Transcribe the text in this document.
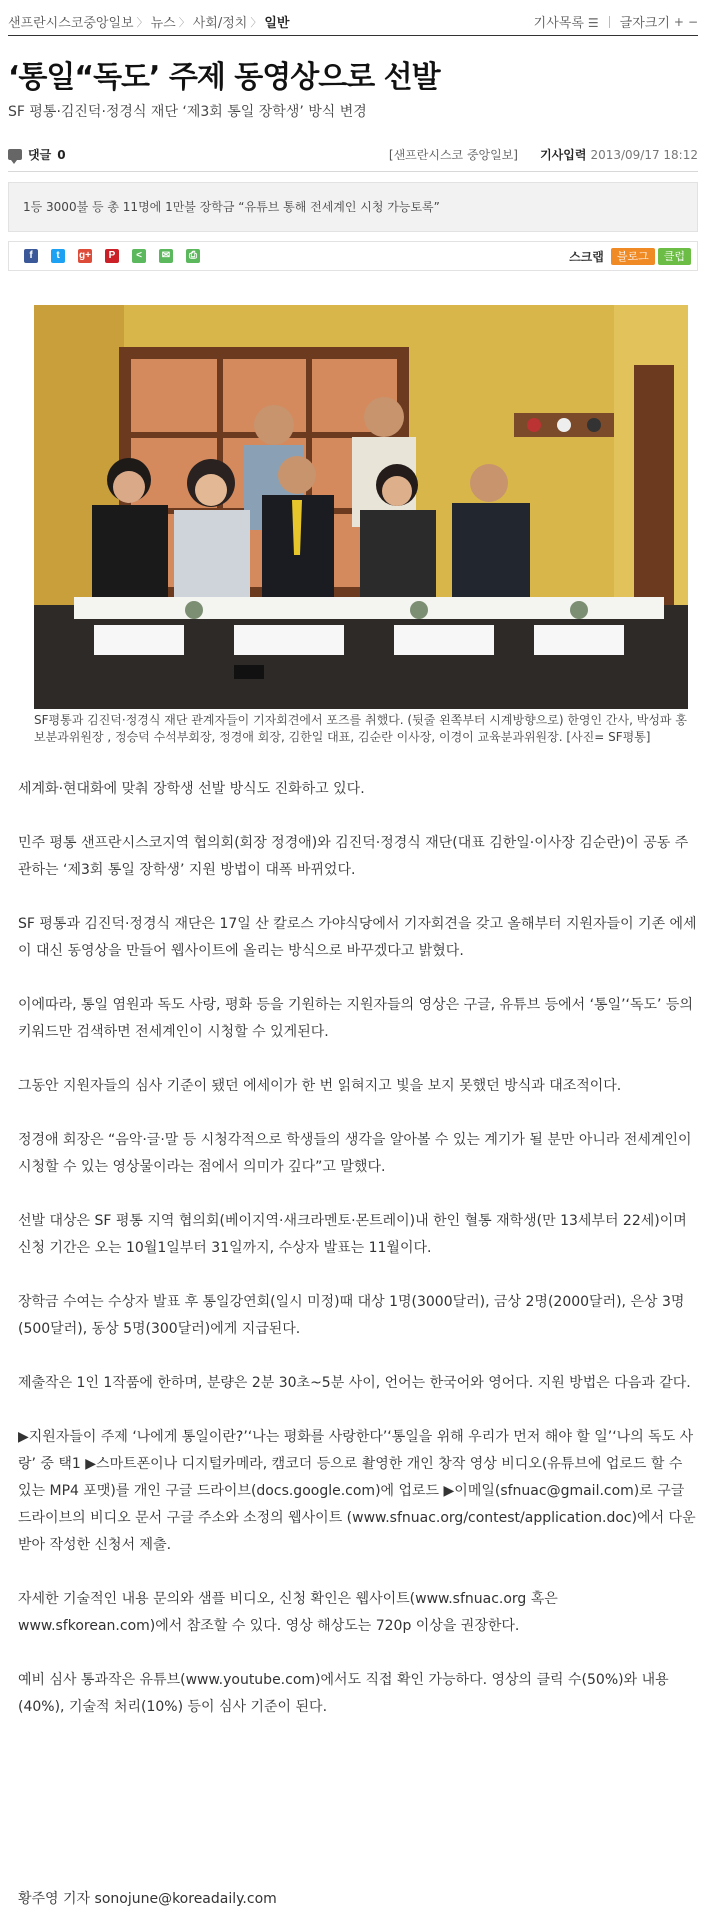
샌프란시스코중앙일보 〉 뉴스 〉 사회/정치 〉 일반	기사목록 ☰ 글자크기 + −
‘통일“독도’ 주제 동영상으로 선발
SF 평통·김진덕·정경식 재단 ‘제3회 통일 장학생’ 방식 변경
댓글 0	[샌프란시스코 중앙일보] 기사입력 2013/09/17 18:12
1등 3000불 등 총 11명에 1만불 장학금 “유튜브 통해 전세계인 시청 가능토록”
f	t	g+	P	<	✉	⎙	스크랩	블로그	클럽
SF평통과 김진덕·정경식 재단 관계자들이 기자회견에서 포즈를 취했다. (뒷줄 왼쪽부터 시계방향으로) 한영인 간사, 박성파 홍보분과위원장 , 정승덕 수석부회장, 정경애 회장, 김한일 대표, 김순란 이사장, 이경이 교육분과위원장. [사진= SF평통]

세계화·현대화에 맞춰 장학생 선발 방식도 진화하고 있다.

민주 평통 샌프란시스코지역 협의회(회장 정경애)와 김진덕·정경식 재단(대표 김한일·이사장 김순란)이 공동 주관하는 ‘제3회 통일 장학생’ 지원 방법이 대폭 바뀌었다.

SF 평통과 김진덕·정경식 재단은 17일 산 칼로스 가야식당에서 기자회견을 갖고 올해부터 지원자들이 기존 에세이 대신 동영상을 만들어 웹사이트에 올리는 방식으로 바꾸겠다고 밝혔다.

이에따라, 통일 염원과 독도 사랑, 평화 등을 기원하는 지원자들의 영상은 구글, 유튜브 등에서 ‘통일’‘독도’ 등의 키워드만 검색하면 전세계인이 시청할 수 있게된다.

그동안 지원자들의 심사 기준이 됐던 에세이가 한 번 읽혀지고 빛을 보지 못했던 방식과 대조적이다.

정경애 회장은 “음악·글·말 등 시청각적으로 학생들의 생각을 알아볼 수 있는 계기가 될 분만 아니라 전세계인이 시청할 수 있는 영상물이라는 점에서 의미가 깊다”고 말했다.

선발 대상은 SF 평통 지역 협의회(베이지역·새크라멘토·몬트레이)내 한인 혈통 재학생(만 13세부터 22세)이며 신청 기간은 오는 10월1일부터 31일까지, 수상자 발표는 11월이다.

장학금 수여는 수상자 발표 후 통일강연회(일시 미정)때 대상 1명(3000달러), 금상 2명(2000달러), 은상 3명(500달러), 동상 5명(300달러)에게 지급된다.

제출작은 1인 1작품에 한하며, 분량은 2분 30초~5분 사이, 언어는 한국어와 영어다. 지원 방법은 다음과 같다.

▶지원자들이 주제 ‘나에게 통일이란?’‘나는 평화를 사랑한다’‘통일을 위해 우리가 먼저 해야 할 일’‘나의 독도 사랑’ 중 택1 ▶스마트폰이나 디지털카메라, 캠코더 등으로 촬영한 개인 창작 영상 비디오(유튜브에 업로드 할 수 있는 MP4 포맷)를 개인 구글 드라이브(docs.google.com)에 업로드 ▶이메일(sfnuac@gmail.com)로 구글 드라이브의 비디오 문서 구글 주소와 소정의 웹사이트 (www.sfnuac.org/contest/application.doc)에서 다운받아 작성한 신청서 제출.

자세한 기술적인 내용 문의와 샘플 비디오, 신청 확인은 웹사이트(www.sfnuac.org 혹은 www.sfkorean.com)에서 참조할 수 있다. 영상 해상도는 720p 이상을 권장한다.

예비 심사 통과작은 유튜브(www.youtube.com)에서도 직접 확인 가능하다. 영상의 클릭 수(50%)와 내용(40%), 기술적 처리(10%) 등이 심사 기준이 된다.

황주영 기자 sonojune@koreadaily.com
